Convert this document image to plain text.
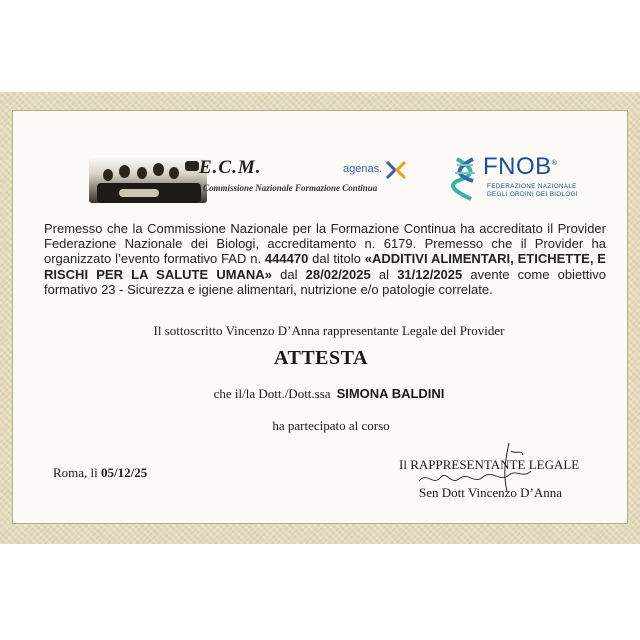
E.C.M.
Commissione Nazionale Formazione Continua
agenas.	FNOB®
FEDERAZIONE NAZIONALE
DEGLI ORDINI DEI BIOLOGI
Premesso che la Commissione Nazionale per la Formazione Continua ha accreditato il Provider Federazione Nazionale dei Biologi, accreditamento n. 6179. Premesso che il Provider ha organizzato l’evento formativo FAD n. 444470 dal titolo «ADDITIVI ALIMENTARI, ETICHETTE, E RISCHI PER LA SALUTE UMANA» dal 28/02/2025 al 31/12/2025 avente come obiettivo formativo 23 - Sicurezza e igiene alimentari, nutrizione e/o patologie correlate.
Il sottoscritto Vincenzo D’Anna rappresentante Legale del Provider
ATTESTA
che il/la Dott./Dott.ssa SIMONA BALDINI
ha partecipato al corso
Roma, lì 05/12/25
Il RAPPRESENTANTE LEGALE
Sen Dott Vincenzo D’Anna
